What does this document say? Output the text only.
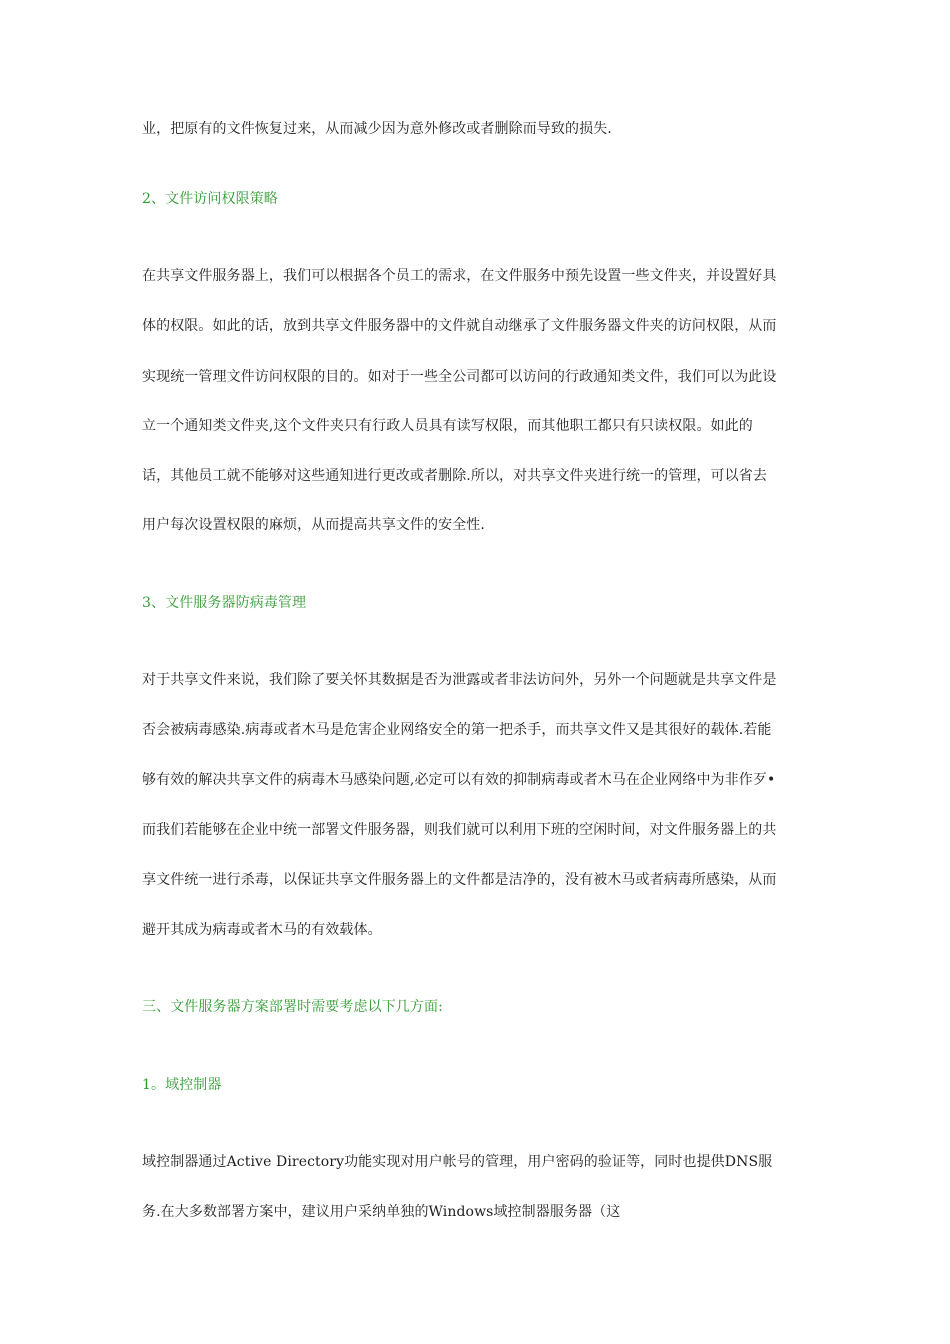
业，把原有的文件恢复过来，从而减少因为意外修改或者删除而导致的损失.

2、文件访问权限策略

在共享文件服务器上，我们可以根据各个员工的需求，在文件服务中预先设置一些文件夹，并设置好具

体的权限。如此的话，放到共享文件服务器中的文件就自动继承了文件服务器文件夹的访问权限，从而

实现统一管理文件访问权限的目的。如对于一些全公司都可以访问的行政通知类文件，我们可以为此设

立一个通知类文件夹,这个文件夹只有行政人员具有读写权限，而其他职工都只有只读权限。如此的

话，其他员工就不能够对这些通知进行更改或者删除.所以，对共享文件夹进行统一的管理，可以省去

用户每次设置权限的麻烦，从而提高共享文件的安全性.

3、文件服务器防病毒管理

对于共享文件来说，我们除了要关怀其数据是否为泄露或者非法访问外，另外一个问题就是共享文件是

否会被病毒感染.病毒或者木马是危害企业网络安全的第一把杀手，而共享文件又是其很好的载体.若能

够有效的解决共享文件的病毒木马感染问题,必定可以有效的抑制病毒或者木马在企业网络中为非作歹•

而我们若能够在企业中统一部署文件服务器，则我们就可以利用下班的空闲时间，对文件服务器上的共

享文件统一进行杀毒，以保证共享文件服务器上的文件都是洁净的，没有被木马或者病毒所感染，从而

避开其成为病毒或者木马的有效载体。

三、文件服务器方案部署时需要考虑以下几方面:

1。域控制器

域控制器通过Active Directory功能实现对用户帐号的管理，用户密码的验证等，同时也提供DNS服

务.在大多数部署方案中，建议用户采纳单独的Windows域控制器服务器（这
